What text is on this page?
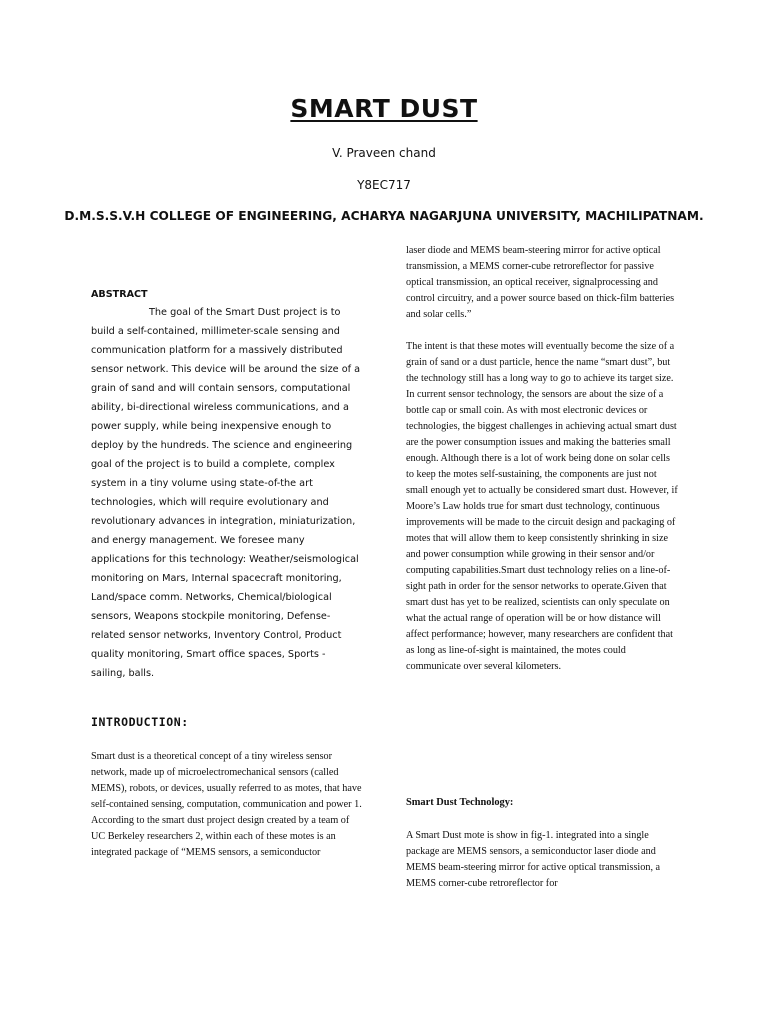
SMART DUST
V. Praveen chand
Y8EC717
D.M.S.S.V.H COLLEGE OF ENGINEERING, ACHARYA NAGARJUNA UNIVERSITY, MACHILIPATNAM.
ABSTRACT

The goal of the Smart Dust project is to build a self-contained, millimeter-scale sensing and communication platform for a massively distributed sensor network. This device will be around the size of a grain of sand and will contain sensors, computational ability, bi-directional wireless communications, and a power supply, while being inexpensive enough to deploy by the hundreds. The science and engineering goal of the project is to build a complete, complex system in a tiny volume using state-of-the art technologies, which will require evolutionary and revolutionary advances in integration, miniaturization, and energy management. We foresee many applications for this technology: Weather/seismological monitoring on Mars, Internal spacecraft monitoring, Land/space comm. Networks, Chemical/biological sensors, Weapons stockpile monitoring, Defense-related sensor networks, Inventory Control, Product quality monitoring, Smart office spaces, Sports - sailing, balls.

INTRODUCTION:

Smart dust is a theoretical concept of a tiny wireless sensor network, made up of microelectromechanical sensors (called MEMS), robots, or devices, usually referred to as motes, that have self-contained sensing, computation, communication and power 1.

According to the smart dust project design created by a team of UC Berkeley researchers 2, within each of these motes is an integrated package of “MEMS sensors, a semiconductor

laser diode and MEMS beam-steering mirror for active optical transmission, a MEMS corner-cube retroreflector for passive optical transmission, an optical receiver, signalprocessing and control circuitry, and a power source based on thick-film batteries and solar cells.”

The intent is that these motes will eventually become the size of a grain of sand or a dust particle, hence the name “smart dust”, but the technology still has a long way to go to achieve its target size. In current sensor technology, the sensors are about the size of a bottle cap or small coin. As with most electronic devices or technologies, the biggest challenges in achieving actual smart dust are the power consumption issues and making the batteries small enough. Although there is a lot of work being done on solar cells to keep the motes self-sustaining, the components are just not small enough yet to actually be considered smart dust. However, if Moore’s Law holds true for smart dust technology, continuous improvements will be made to the circuit design and packaging of motes that will allow them to keep consistently shrinking in size and power consumption while growing in their sensor and/or computing capabilities.Smart dust technology relies on a line-of-sight path in order for the sensor networks to operate.Given that smart dust has yet to be realized, scientists can only speculate on what the actual range of operation will be or how distance will affect performance; however, many researchers are confident that as long as line-of-sight is maintained, the motes could communicate over several kilometers.

Smart Dust Technology:

A Smart Dust mote is show in fig-1. integrated into a single package are MEMS sensors, a semiconductor laser diode and MEMS beam-steering mirror for active optical transmission, a MEMS corner-cube retroreflector for
